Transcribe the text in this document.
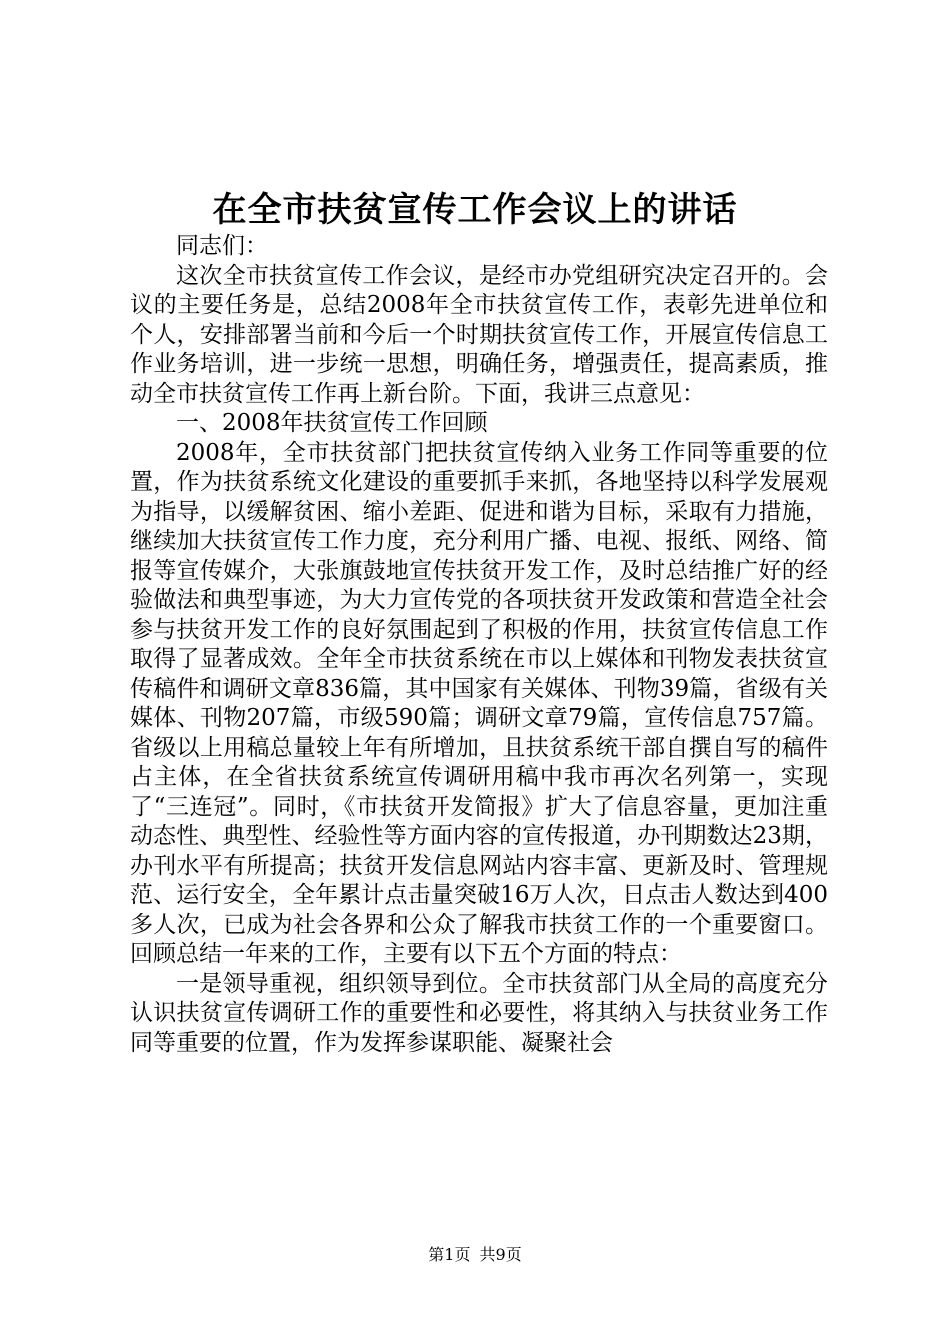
在全市扶贫宣传工作会议上的讲话

同志们：

这次全市扶贫宣传工作会议，是经市办党组研究决定召开的。会议的主要任务是，总结2008年全市扶贫宣传工作，表彰先进单位和个人，安排部署当前和今后一个时期扶贫宣传工作，开展宣传信息工作业务培训，进一步统一思想，明确任务，增强责任，提高素质，推动全市扶贫宣传工作再上新台阶。下面，我讲三点意见：

一、2008年扶贫宣传工作回顾

2008年，全市扶贫部门把扶贫宣传纳入业务工作同等重要的位置，作为扶贫系统文化建设的重要抓手来抓，各地坚持以科学发展观为指导，以缓解贫困、缩小差距、促进和谐为目标，采取有力措施，继续加大扶贫宣传工作力度，充分利用广播、电视、报纸、网络、简报等宣传媒介，大张旗鼓地宣传扶贫开发工作，及时总结推广好的经验做法和典型事迹，为大力宣传党的各项扶贫开发政策和营造全社会参与扶贫开发工作的良好氛围起到了积极的作用，扶贫宣传信息工作取得了显著成效。全年全市扶贫系统在市以上媒体和刊物发表扶贫宣传稿件和调研文章836篇，其中国家有关媒体、刊物39篇，省级有关媒体、刊物207篇，市级590篇；调研文章79篇，宣传信息757篇。省级以上用稿总量较上年有所增加，且扶贫系统干部自撰自写的稿件占主体，在全省扶贫系统宣传调研用稿中我市再次名列第一，实现了“三连冠”。同时，《市扶贫开发简报》扩大了信息容量，更加注重动态性、典型性、经验性等方面内容的宣传报道，办刊期数达23期，办刊水平有所提高；扶贫开发信息网站内容丰富、更新及时、管理规范、运行安全，全年累计点击量突破16万人次，日点击人数达到400多人次，已成为社会各界和公众了解我市扶贫工作的一个重要窗口。回顾总结一年来的工作，主要有以下五个方面的特点：

一是领导重视，组织领导到位。全市扶贫部门从全局的高度充分认识扶贫宣传调研工作的重要性和必要性，将其纳入与扶贫业务工作同等重要的位置，作为发挥参谋职能、凝聚社会

第1页 共9页
